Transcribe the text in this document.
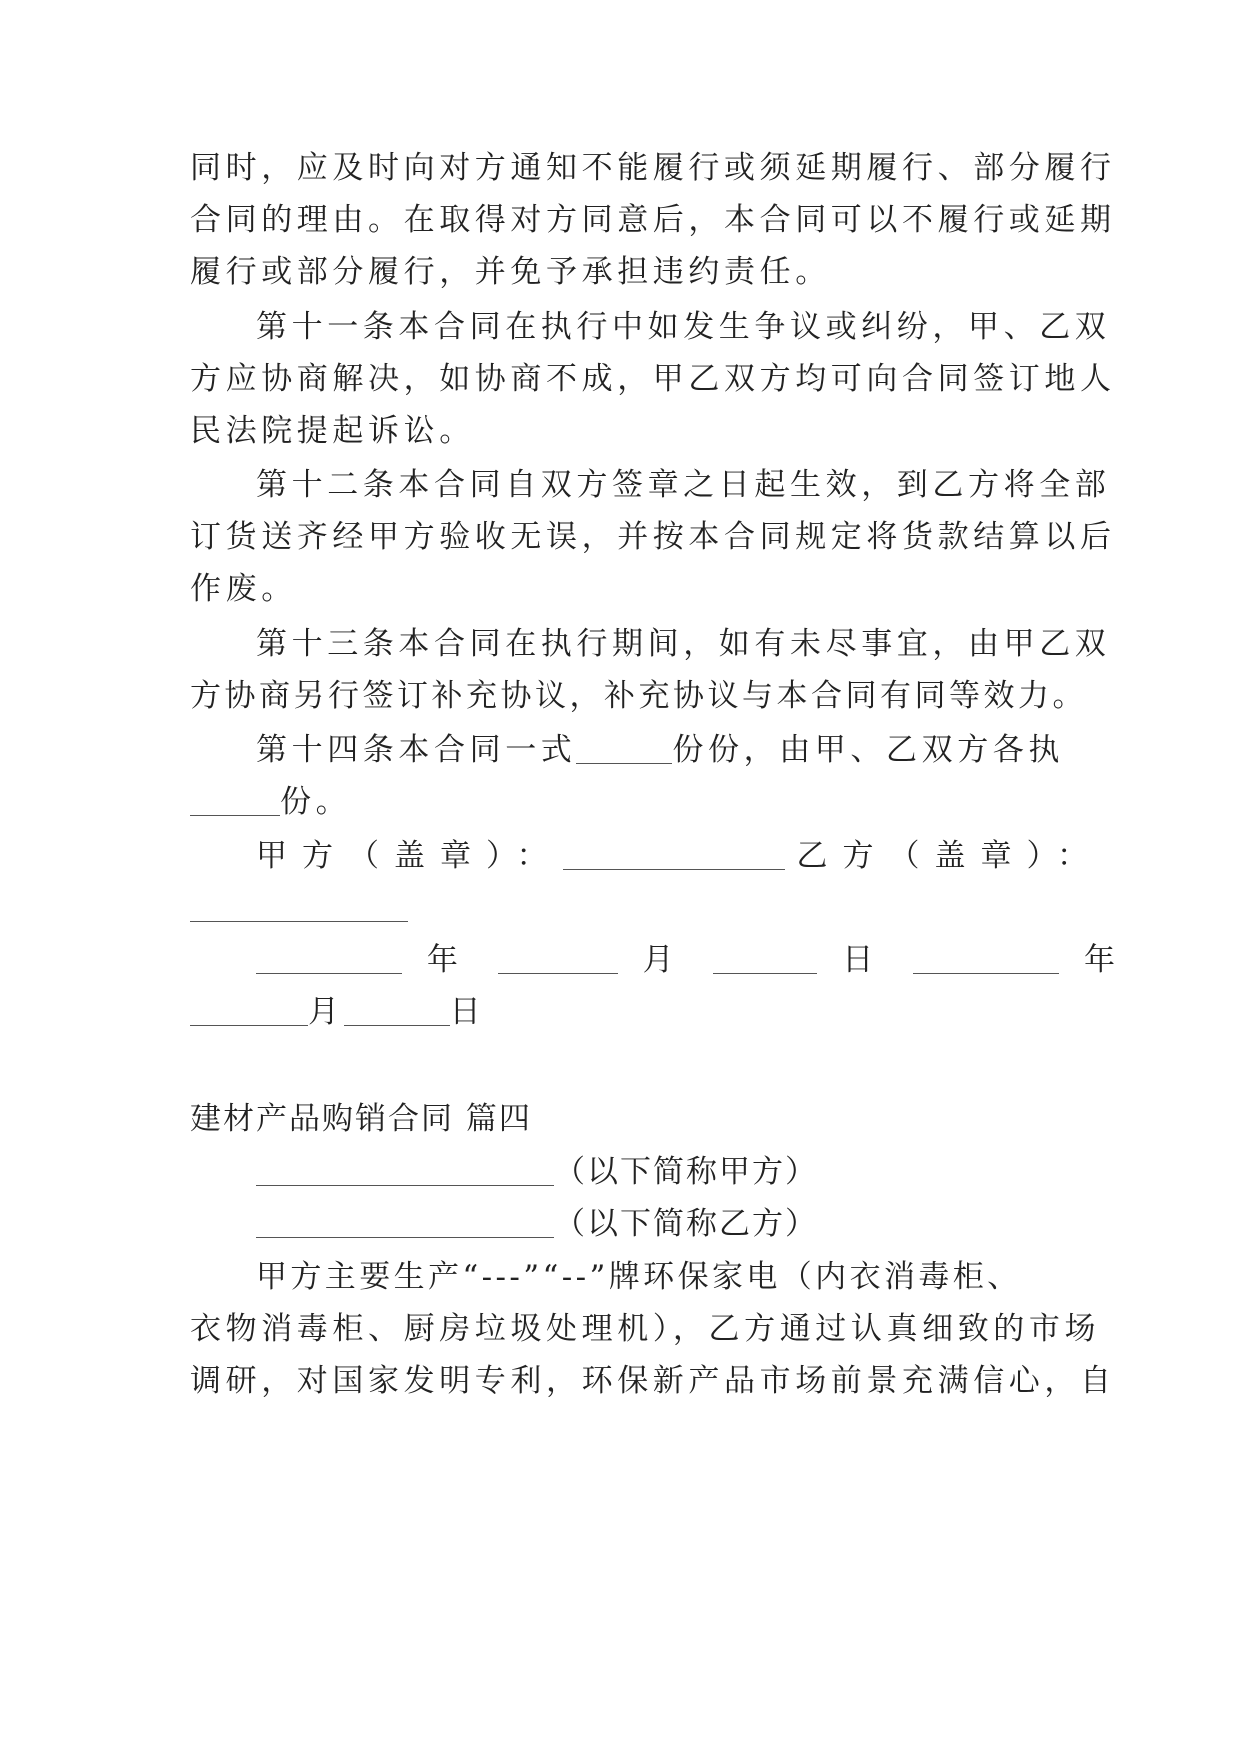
同时，应及时向对方通知不能履行或须延期履行、部分履行
合同的理由。在取得对方同意后，本合同可以不履行或延期
履行或部分履行，并免予承担违约责任。
第十一条本合同在执行中如发生争议或纠纷，甲、乙双
方应协商解决，如协商不成，甲乙双方均可向合同签订地人
民法院提起诉讼。
第十二条本合同自双方签章之日起生效，到乙方将全部
订货送齐经甲方验收无误，并按本合同规定将货款结算以后
作废。
第十三条本合同在执行期间，如有未尽事宜，由甲乙双
方协商另行签订补充协议，补充协议与本合同有同等效力。
第十四条本合同一式	份份，由甲、乙双方各执
份。
甲方（盖章）：	乙方（盖章）：
年	月	日	年
月	日
建材产品购销合同 篇四
（以下简称甲方）
（以下简称乙方）
甲方主要生产“---”“--”牌环保家电（内衣消毒柜、
衣物消毒柜、厨房垃圾处理机），乙方通过认真细致的市场
调研，对国家发明专利，环保新产品市场前景充满信心，自
